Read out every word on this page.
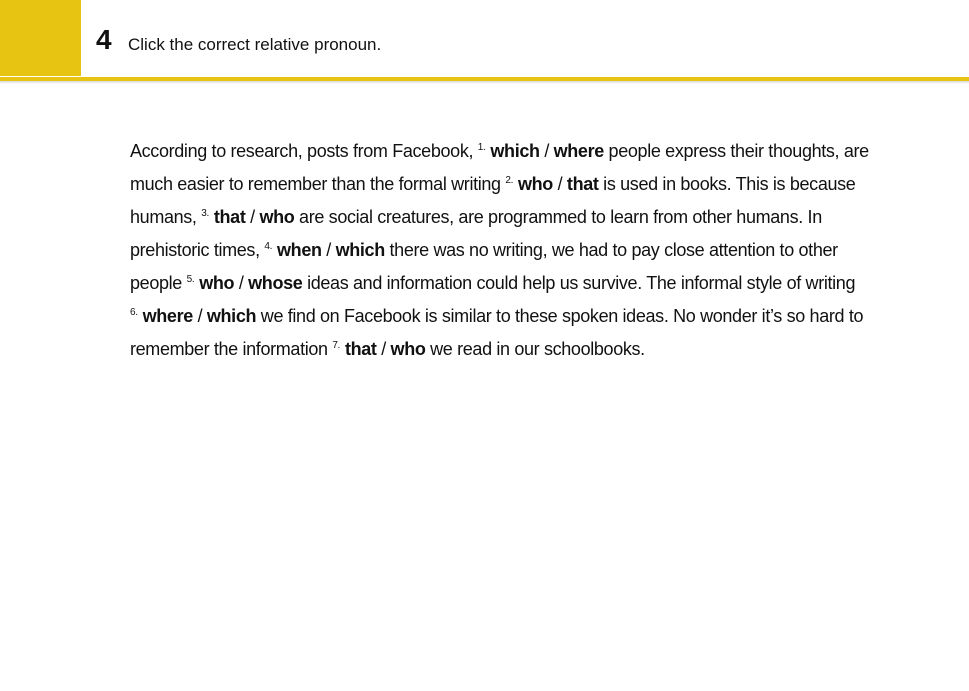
4 Click the correct relative pronoun.
According to research, posts from Facebook, $^{1.}$ which / where people express their thoughts, are much easier to remember than the formal writing $^{2.}$ who / that is used in books. This is because humans, $^{3.}$ that / who are social creatures, are programmed to learn from other humans. In prehistoric times, $^{4.}$ when / which there was no writing, we had to pay close attention to other people $^{5.}$ who / whose ideas and information could help us survive. The informal style of writing $^{6.}$ where / which we find on Facebook is similar to these spoken ideas. No wonder it’s so hard to remember the information $^{7.}$ that / who we read in our schoolbooks.
